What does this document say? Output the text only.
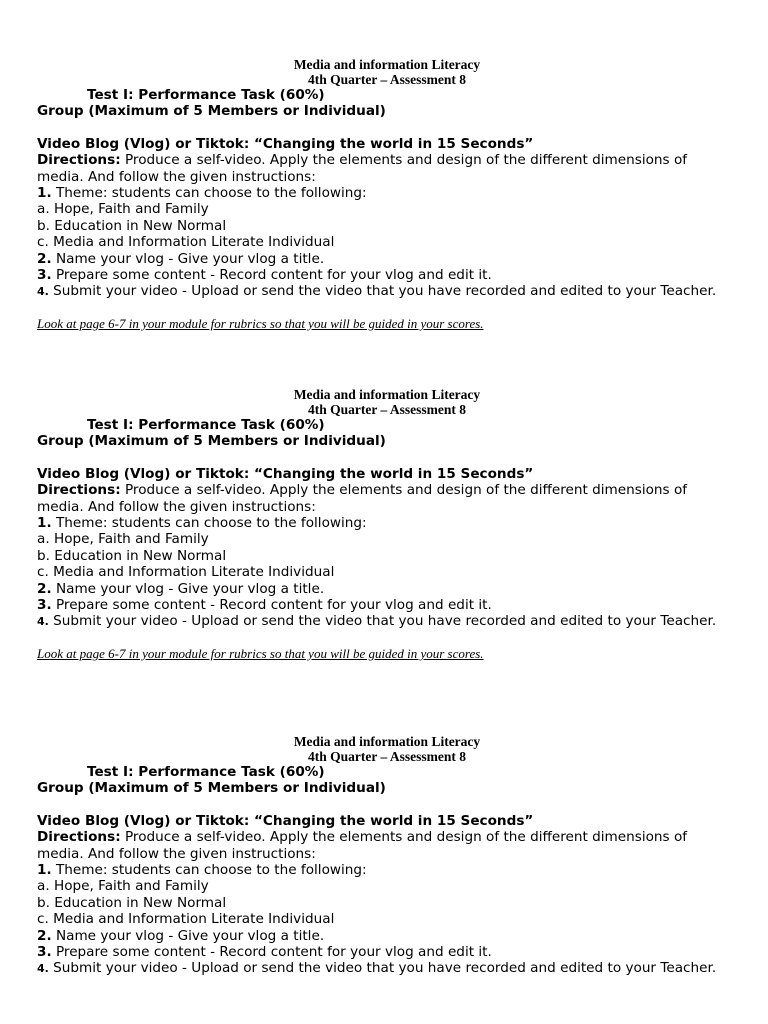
Media and information Literacy
4th Quarter – Assessment 8
Test I: Performance Task (60%)
Group (Maximum of 5 Members or Individual)
Video Blog (Vlog) or Tiktok: “Changing the world in 15 Seconds”
Directions: Produce a self-video. Apply the elements and design of the different dimensions of media. And follow the given instructions:
1. Theme: students can choose to the following:
a. Hope, Faith and Family
b. Education in New Normal
c. Media and Information Literate Individual
2. Name your vlog - Give your vlog a title.
3. Prepare some content - Record content for your vlog and edit it.
4. Submit your video - Upload or send the video that you have recorded and edited to your Teacher.
Look at page 6-7 in your module for rubrics so that you will be guided in your scores.
Media and information Literacy
4th Quarter – Assessment 8
Test I: Performance Task (60%)
Group (Maximum of 5 Members or Individual)
Video Blog (Vlog) or Tiktok: “Changing the world in 15 Seconds”
Directions: Produce a self-video. Apply the elements and design of the different dimensions of media. And follow the given instructions:
1. Theme: students can choose to the following:
a. Hope, Faith and Family
b. Education in New Normal
c. Media and Information Literate Individual
2. Name your vlog - Give your vlog a title.
3. Prepare some content - Record content for your vlog and edit it.
4. Submit your video - Upload or send the video that you have recorded and edited to your Teacher.
Look at page 6-7 in your module for rubrics so that you will be guided in your scores.
Media and information Literacy
4th Quarter – Assessment 8
Test I: Performance Task (60%)
Group (Maximum of 5 Members or Individual)
Video Blog (Vlog) or Tiktok: “Changing the world in 15 Seconds”
Directions: Produce a self-video. Apply the elements and design of the different dimensions of media. And follow the given instructions:
1. Theme: students can choose to the following:
a. Hope, Faith and Family
b. Education in New Normal
c. Media and Information Literate Individual
2. Name your vlog - Give your vlog a title.
3. Prepare some content - Record content for your vlog and edit it.
4. Submit your video - Upload or send the video that you have recorded and edited to your Teacher.
